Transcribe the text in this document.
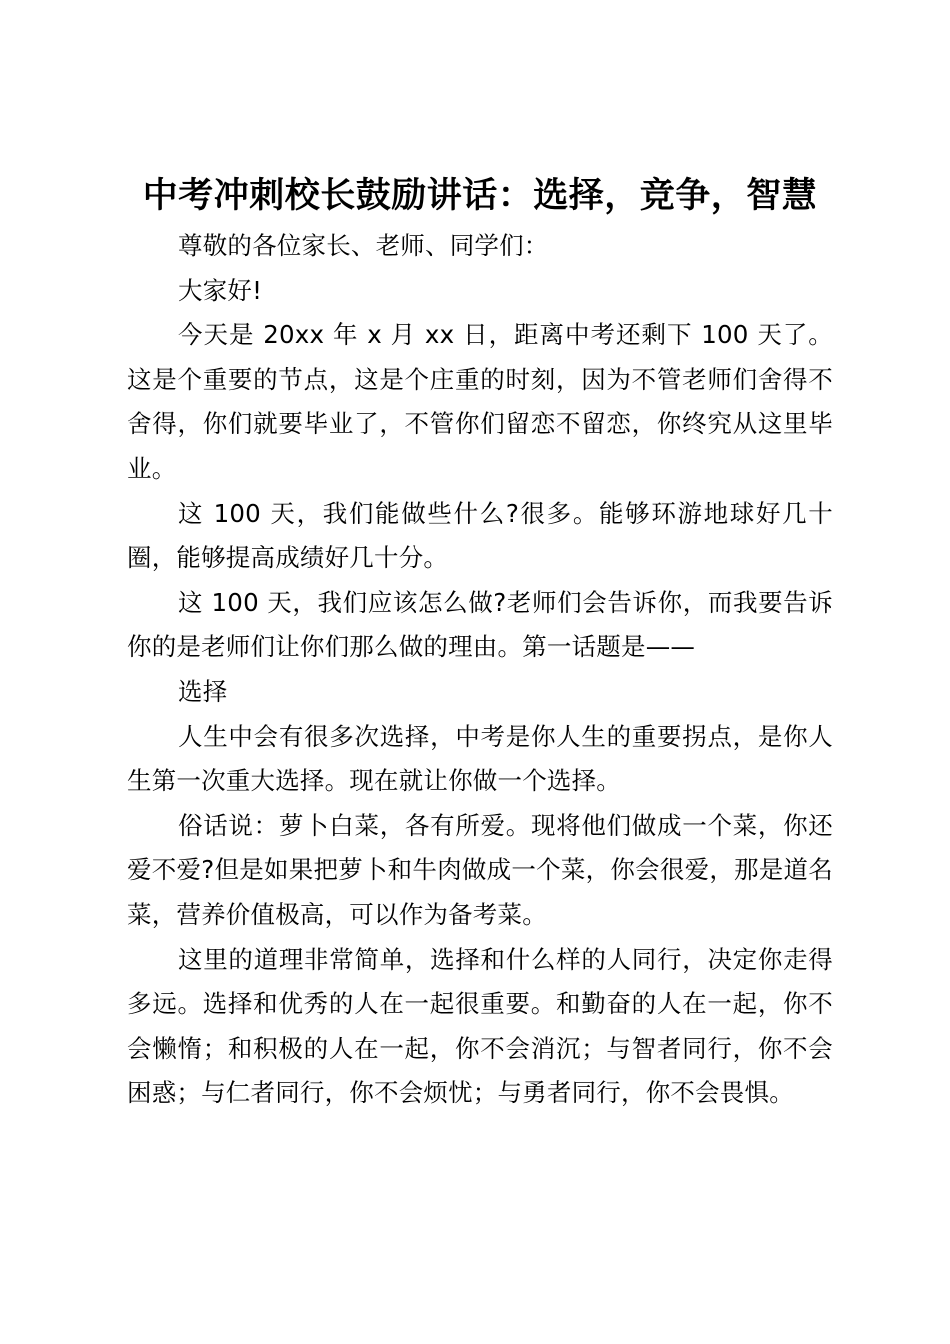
中考冲刺校长鼓励讲话：选择，竞争，智慧

尊敬的各位家长、老师、同学们：

大家好!

今天是 20xx 年 x 月 xx 日，距离中考还剩下 100 天了。这是个重要的节点，这是个庄重的时刻，因为不管老师们舍得不舍得，你们就要毕业了，不管你们留恋不留恋，你终究从这里毕业。

这 100 天，我们能做些什么?很多。能够环游地球好几十圈，能够提高成绩好几十分。

这 100 天，我们应该怎么做?老师们会告诉你，而我要告诉你的是老师们让你们那么做的理由。第一话题是——

选择

人生中会有很多次选择，中考是你人生的重要拐点，是你人生第一次重大选择。现在就让你做一个选择。

俗话说：萝卜白菜，各有所爱。现将他们做成一个菜，你还爱不爱?但是如果把萝卜和牛肉做成一个菜，你会很爱，那是道名菜，营养价值极高，可以作为备考菜。

这里的道理非常简单，选择和什么样的人同行，决定你走得多远。选择和优秀的人在一起很重要。和勤奋的人在一起，你不会懒惰；和积极的人在一起，你不会消沉；与智者同行，你不会困惑；与仁者同行，你不会烦忧；与勇者同行，你不会畏惧。
